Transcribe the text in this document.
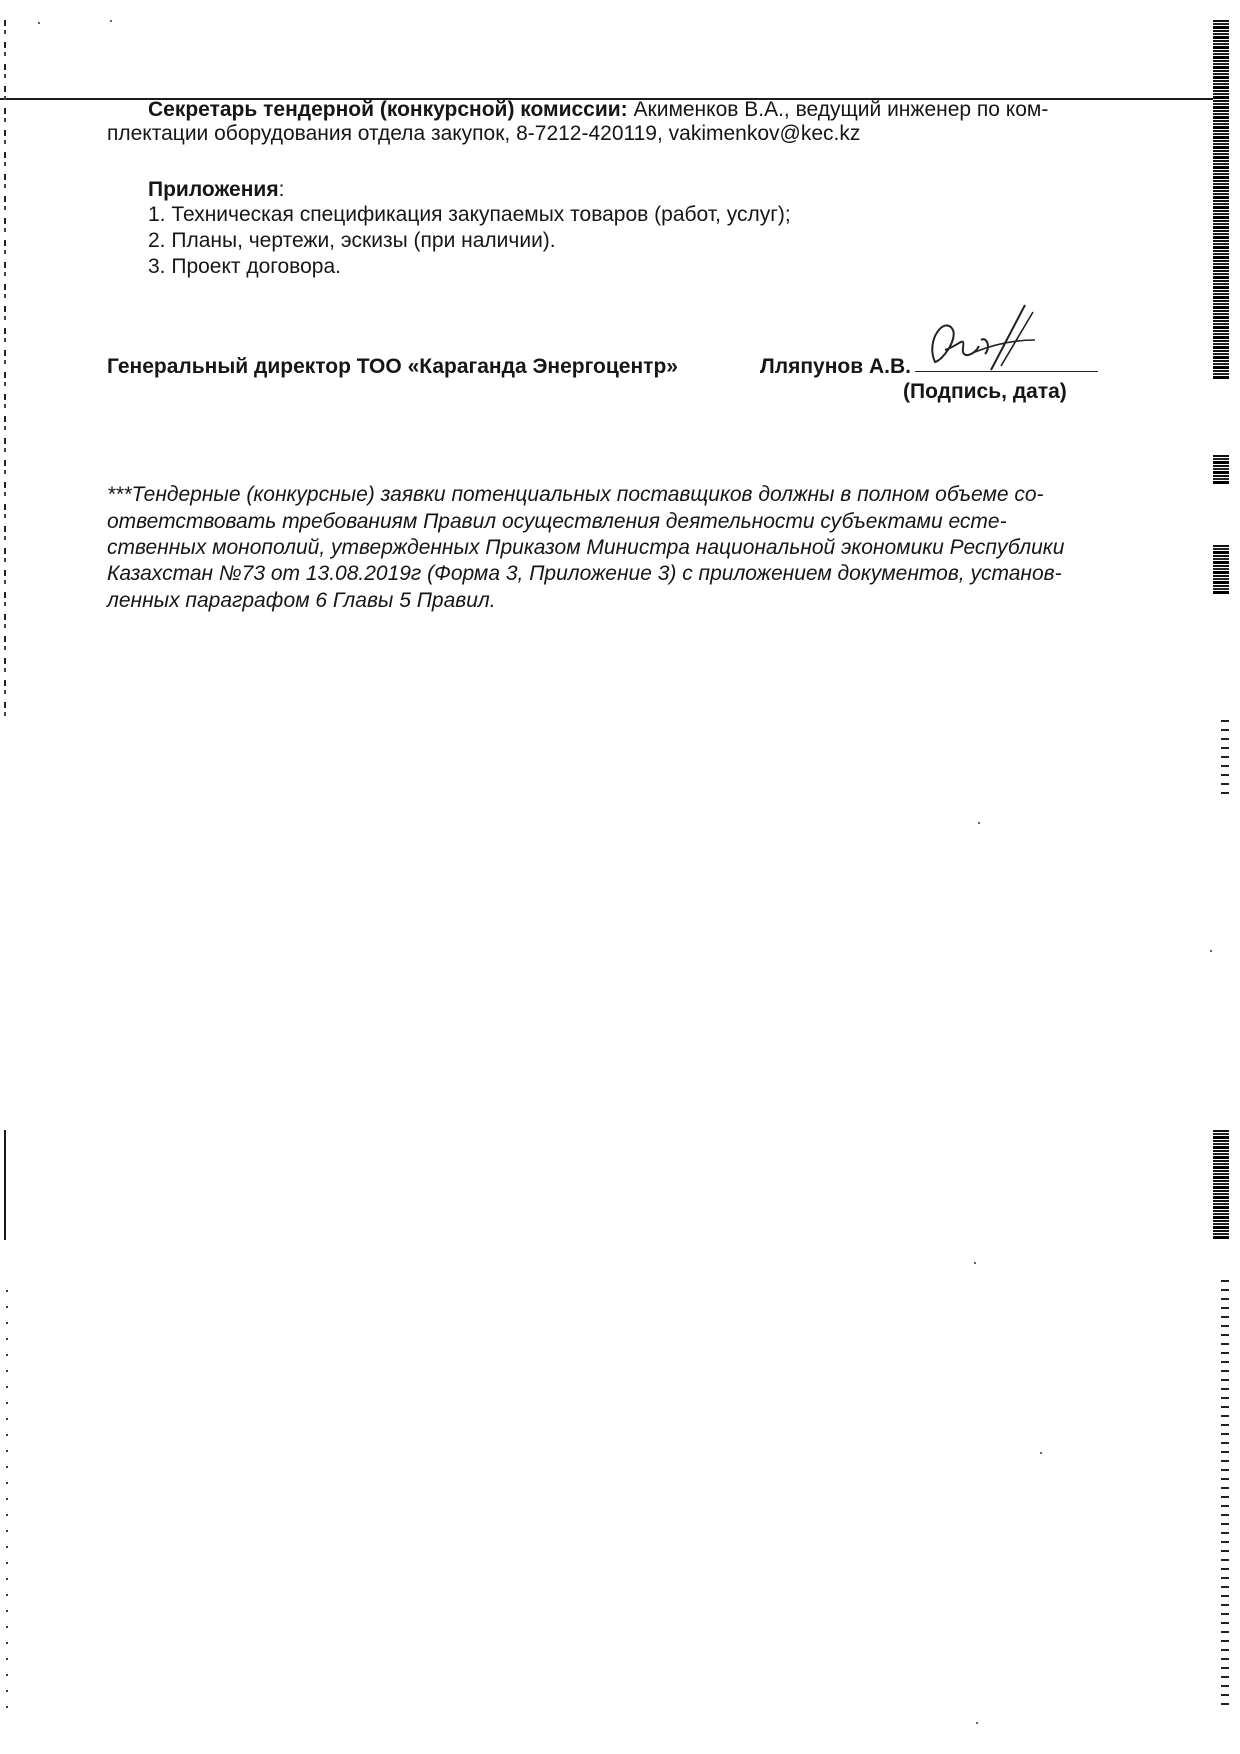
Секретарь тендерной (конкурсной) комиссии: Акименков В.А., ведущий инженер по ком-
плектации оборудования отдела закупок, 8-7212-420119, vakimenkov@kec.kz
Приложения:
1. Техническая спецификация закупаемых товаров (работ, услуг);
2. Планы, чертежи, эскизы (при наличии).
3. Проект договора.
Генеральный директор ТОО «Караганда Энергоцентр»	Лляпунов А.В.
(Подпись, дата)
***Тендерные (конкурсные) заявки потенциальных поставщиков должны в полном объеме со-
ответствовать требованиям Правил осуществления деятельности субъектами есте-
ственных монополий, утвержденных Приказом Министра национальной экономики Республики
Казахстан №73 от 13.08.2019г (Форма 3, Приложение 3) с приложением документов, установ-
ленных параграфом 6 Главы 5 Правил.
